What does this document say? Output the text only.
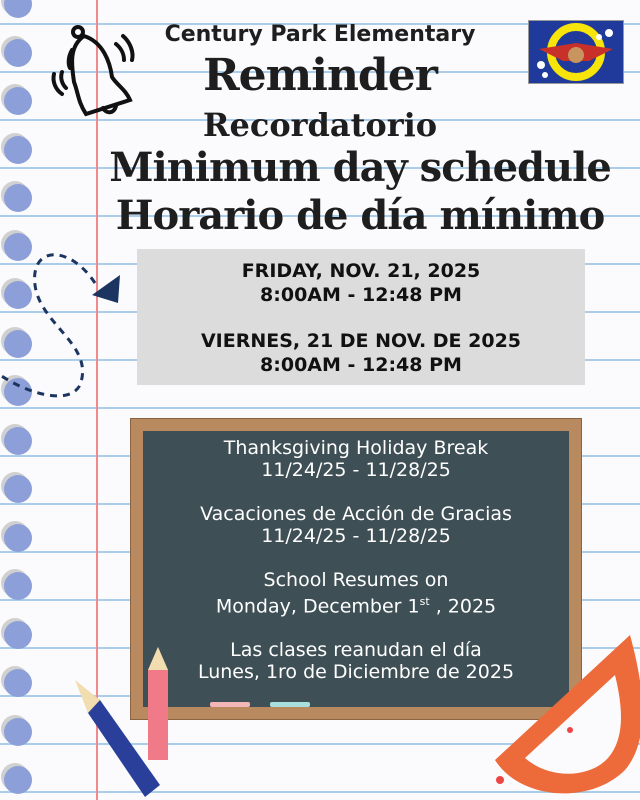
Century Park Elementary

Reminder

Recordatorio

Minimum day schedule

Horario de día mínimo

FRIDAY, NOV. 21, 2025

8:00AM - 12:48 PM

VIERNES, 21 DE NOV. DE 2025

8:00AM - 12:48 PM

Thanksgiving Holiday Break
11/24/25 - 11/28/25

Vacaciones de Acción de Gracias
11/24/25 - 11/28/25

School Resumes on
Monday, December 1st , 2025

Las clases reanudan el día
Lunes, 1ro de Diciembre de 2025
